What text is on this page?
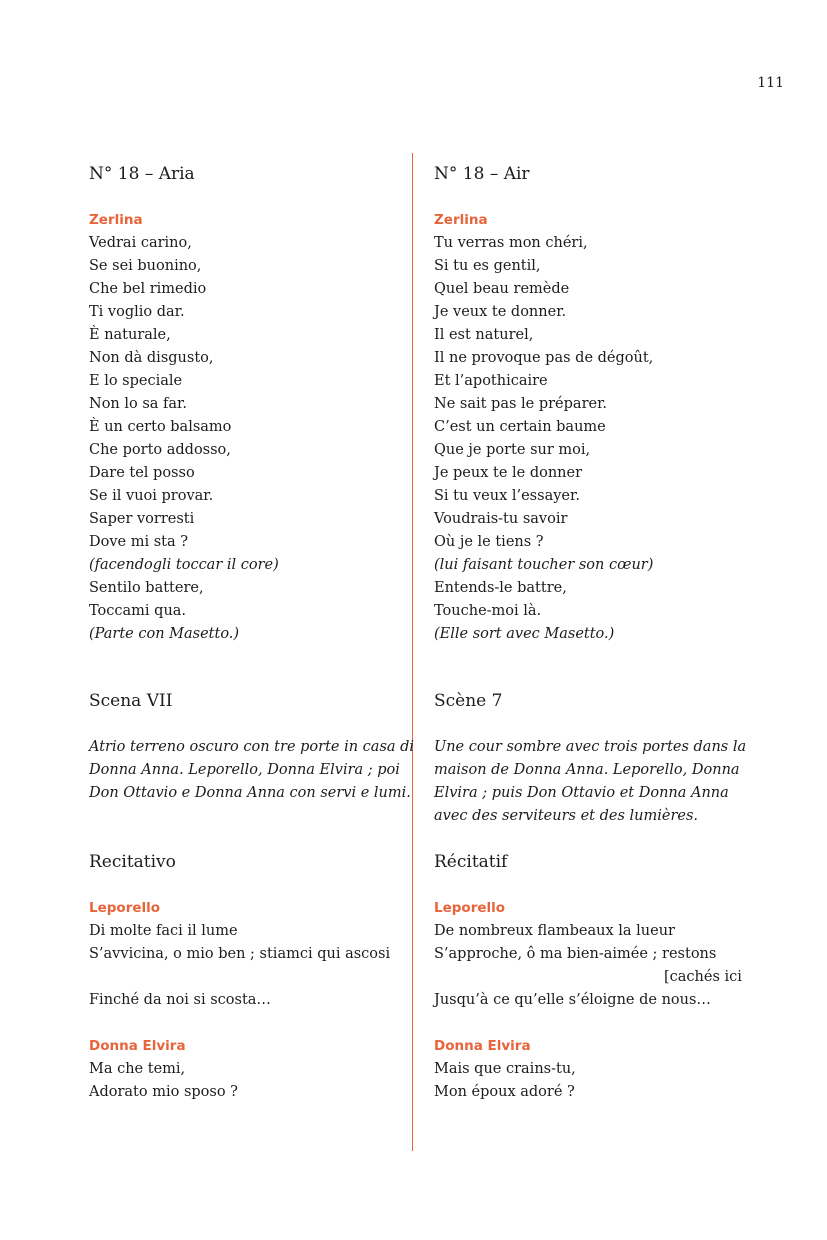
111
N° 18 – Aria
Zerlina
Vedrai carino,
Se sei buonino,
Che bel rimedio
Ti voglio dar.
È naturale,
Non dà disgusto,
E lo speciale
Non lo sa far.
È un certo balsamo
Che porto addosso,
Dare tel posso
Se il vuoi provar.
Saper vorresti
Dove mi sta ?
(facendogli toccar il core)
Sentilo battere,
Toccami qua.
(Parte con Masetto.)
Scena VII
Atrio terreno oscuro con tre porte in casa di
Donna Anna. Leporello, Donna Elvira ; poi
Don Ottavio e Donna Anna con servi e lumi.
Recitativo
Leporello
Di molte faci il lume
S’avvicina, o mio ben ; stiamci qui ascosi
Finché da noi si scosta…
Donna Elvira
Ma che temi,
Adorato mio sposo ?
N° 18 – Air
Zerlina
Tu verras mon chéri,
Si tu es gentil,
Quel beau remède
Je veux te donner.
Il est naturel,
Il ne provoque pas de dégoût,
Et l’apothicaire
Ne sait pas le préparer.
C’est un certain baume
Que je porte sur moi,
Je peux te le donner
Si tu veux l’essayer.
Voudrais-tu savoir
Où je le tiens ?
(lui faisant toucher son cœur)
Entends-le battre,
Touche-moi là.
(Elle sort avec Masetto.)
Scène 7
Une cour sombre avec trois portes dans la
maison de Donna Anna. Leporello, Donna
Elvira ; puis Don Ottavio et Donna Anna
avec des serviteurs et des lumières.
Récitatif
Leporello
De nombreux flambeaux la lueur
S’approche, ô ma bien-aimée ; restons
[cachés ici
Jusqu’à ce qu’elle s’éloigne de nous…
Donna Elvira
Mais que crains-tu,
Mon époux adoré ?
